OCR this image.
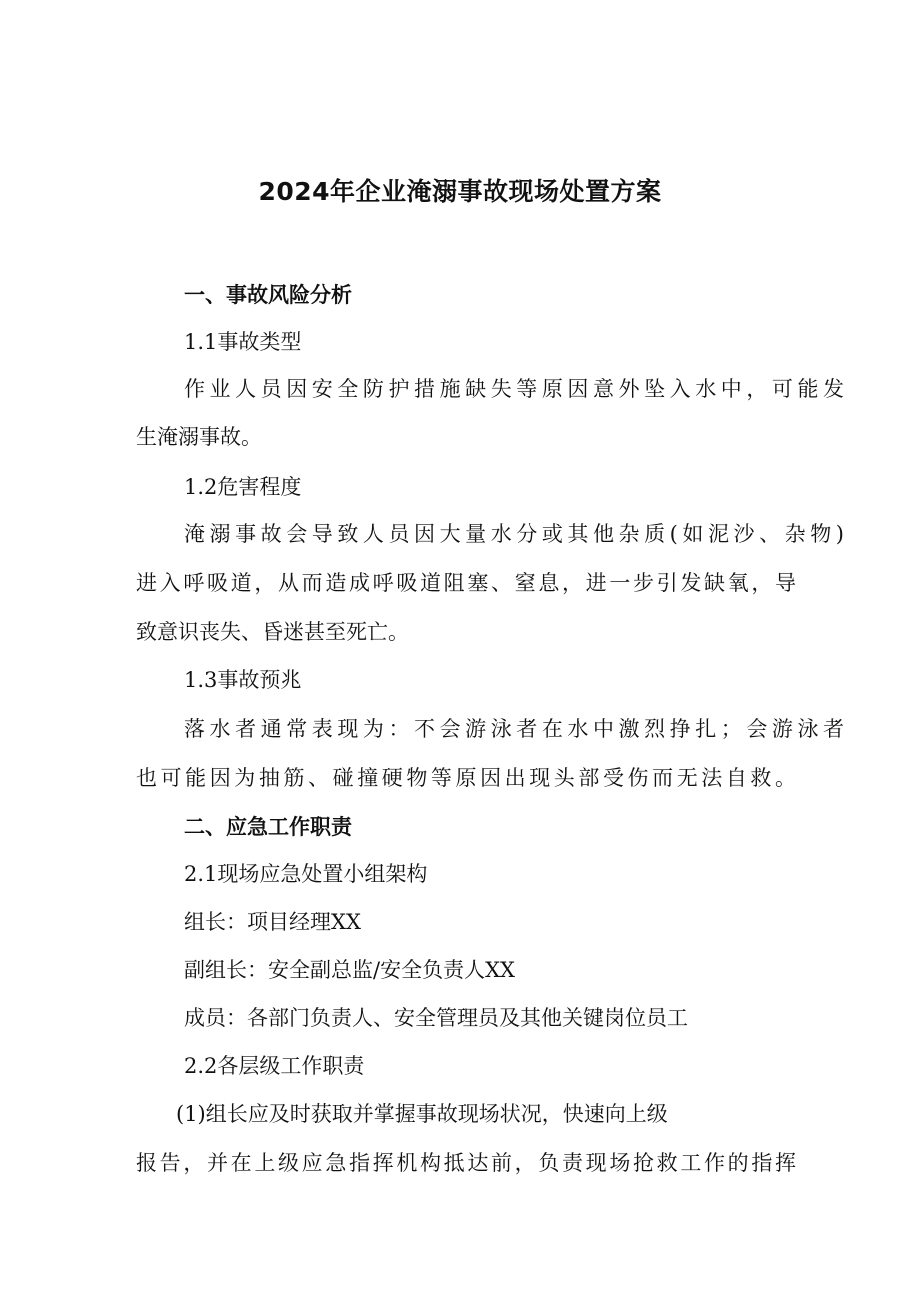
2024年企业淹溺事故现场处置方案
一、事故风险分析
1.1事故类型
作业人员因安全防护措施缺失等原因意外坠入水中，可能发
生淹溺事故。
1.2危害程度
淹溺事故会导致人员因大量水分或其他杂质(如泥沙、杂物)
进入呼吸道，从而造成呼吸道阻塞、窒息，进一步引发缺氧，导
致意识丧失、昏迷甚至死亡。
1.3事故预兆
落水者通常表现为：不会游泳者在水中激烈挣扎；会游泳者
也可能因为抽筋、碰撞硬物等原因出现头部受伤而无法自救。
二、应急工作职责
2.1现场应急处置小组架构
组长：项目经理XX
副组长：安全副总监/安全负责人XX
成员：各部门负责人、安全管理员及其他关键岗位员工
2.2各层级工作职责
(1)组长应及时获取并掌握事故现场状况，快速向上级
报告，并在上级应急指挥机构抵达前，负责现场抢救工作的指挥
